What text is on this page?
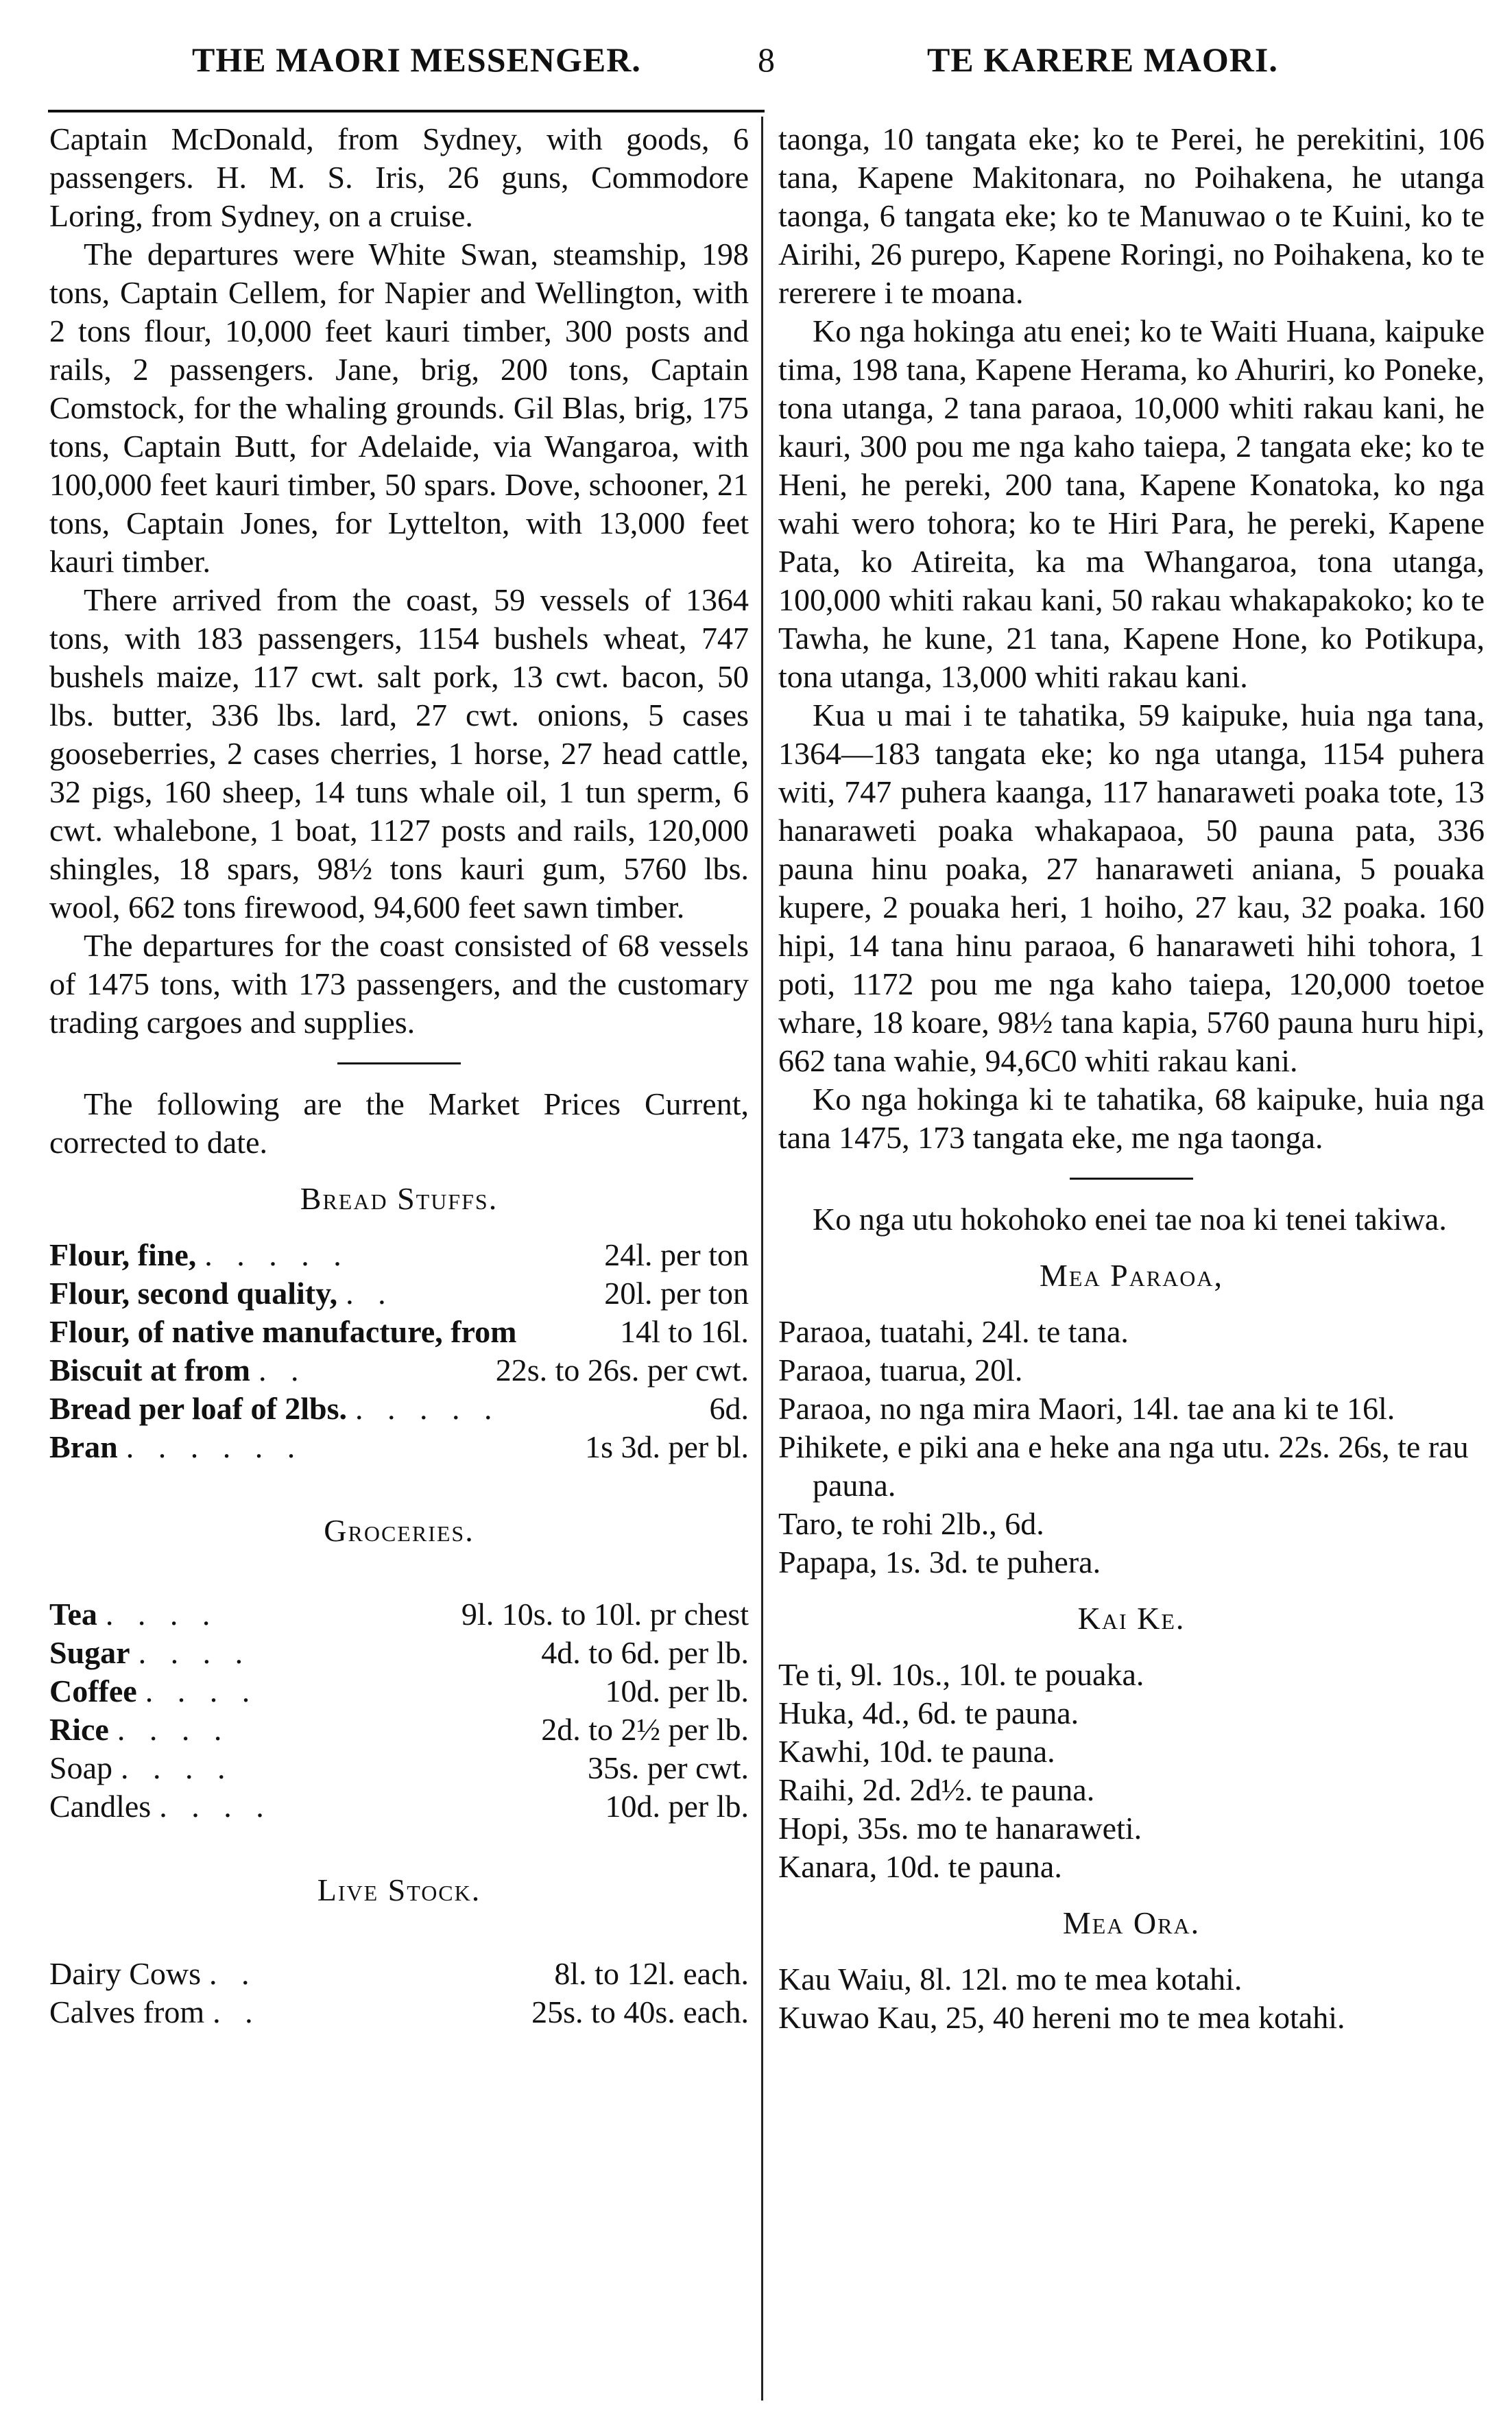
THE MAORI MESSENGER.	8	TE KARERE MAORI.

Captain McDonald, from Sydney, with goods, 6 passengers. H. M. S. Iris, 26 guns, Commodore Loring, from Sydney, on a cruise.

The departures were White Swan, steamship, 198 tons, Captain Cellem, for Napier and Wellington, with 2 tons flour, 10,000 feet kauri timber, 300 posts and rails, 2 passengers. Jane, brig, 200 tons, Captain Comstock, for the whaling grounds. Gil Blas, brig, 175 tons, Captain Butt, for Adelaide, via Wangaroa, with 100,000 feet kauri timber, 50 spars. Dove, schooner, 21 tons, Captain Jones, for Lyttelton, with 13,000 feet kauri timber.

There arrived from the coast, 59 vessels of 1364 tons, with 183 passengers, 1154 bushels wheat, 747 bushels maize, 117 cwt. salt pork, 13 cwt. bacon, 50 lbs. butter, 336 lbs. lard, 27 cwt. onions, 5 cases gooseberries, 2 cases cherries, 1 horse, 27 head cattle, 32 pigs, 160 sheep, 14 tuns whale oil, 1 tun sperm, 6 cwt. whalebone, 1 boat, 1127 posts and rails, 120,000 shingles, 18 spars, 98½ tons kauri gum, 5760 lbs. wool, 662 tons firewood, 94,600 feet sawn timber.

The departures for the coast consisted of 68 vessels of 1475 tons, with 173 passengers, and the customary trading cargoes and supplies.

The following are the Market Prices Current, corrected to date.

Bread Stuffs.
Flour, fine, . . . . .	24l. per ton
Flour, second quality, . .	20l. per ton
Flour, of native manufacture, from	14l to 16l.
Biscuit at from . .	22s. to 26s. per cwt.
Bread per loaf of 2lbs. . . . . .	6d.
Bran . . . . . .	1s 3d. per bl.
Groceries.
Tea . . . .	9l. 10s. to 10l. pr chest
Sugar . . . .	4d. to 6d. per lb.
Coffee . . . .	10d. per lb.
Rice . . . .	2d. to 2½ per lb.
Soap . . . .	35s. per cwt.
Candles . . . .	10d. per lb.
Live Stock.
Dairy Cows . .	8l. to 12l. each.
Calves from . .	25s. to 40s. each.

taonga, 10 tangata eke; ko te Perei, he perekitini, 106 tana, Kapene Makitonara, no Poihakena, he utanga taonga, 6 tangata eke; ko te Manuwao o te Kuini, ko te Airihi, 26 purepo, Kapene Roringi, no Poihakena, ko te rererere i te moana.

Ko nga hokinga atu enei; ko te Waiti Huana, kaipuke tima, 198 tana, Kapene Herama, ko Ahuriri, ko Poneke, tona utanga, 2 tana paraoa, 10,000 whiti rakau kani, he kauri, 300 pou me nga kaho taiepa, 2 tangata eke; ko te Heni, he pereki, 200 tana, Kapene Konatoka, ko nga wahi wero tohora; ko te Hiri Para, he pereki, Kapene Pata, ko Atireita, ka ma Whangaroa, tona utanga, 100,000 whiti rakau kani, 50 rakau whakapakoko; ko te Tawha, he kune, 21 tana, Kapene Hone, ko Potikupa, tona utanga, 13,000 whiti rakau kani.

Kua u mai i te tahatika, 59 kaipuke, huia nga tana, 1364—183 tangata eke; ko nga utanga, 1154 puhera witi, 747 puhera kaanga, 117 hanaraweti poaka tote, 13 hanaraweti poaka whakapaoa, 50 pauna pata, 336 pauna hinu poaka, 27 hanaraweti aniana, 5 pouaka kupere, 2 pouaka heri, 1 hoiho, 27 kau, 32 poaka. 160 hipi, 14 tana hinu paraoa, 6 hanaraweti hihi tohora, 1 poti, 1172 pou me nga kaho taiepa, 120,000 toetoe whare, 18 koare, 98½ tana kapia, 5760 pauna huru hipi, 662 tana wahie, 94,6C0 whiti rakau kani.

Ko nga hokinga ki te tahatika, 68 kaipuke, huia nga tana 1475, 173 tangata eke, me nga taonga.

Ko nga utu hokohoko enei tae noa ki tenei takiwa.

Mea Paraoa,

Paraoa, tuatahi, 24l. te tana.

Paraoa, tuarua, 20l.

Paraoa, no nga mira Maori, 14l. tae ana ki te 16l.

Pihikete, e piki ana e heke ana nga utu. 22s. 26s, te rau pauna.

Taro, te rohi 2lb., 6d.

Papapa, 1s. 3d. te puhera.

Kai Ke.

Te ti, 9l. 10s., 10l. te pouaka.

Huka, 4d., 6d. te pauna.

Kawhi, 10d. te pauna.

Raihi, 2d. 2d½. te pauna.

Hopi, 35s. mo te hanaraweti.

Kanara, 10d. te pauna.

Mea Ora.

Kau Waiu, 8l. 12l. mo te mea kotahi.

Kuwao Kau, 25, 40 hereni mo te mea kotahi.
